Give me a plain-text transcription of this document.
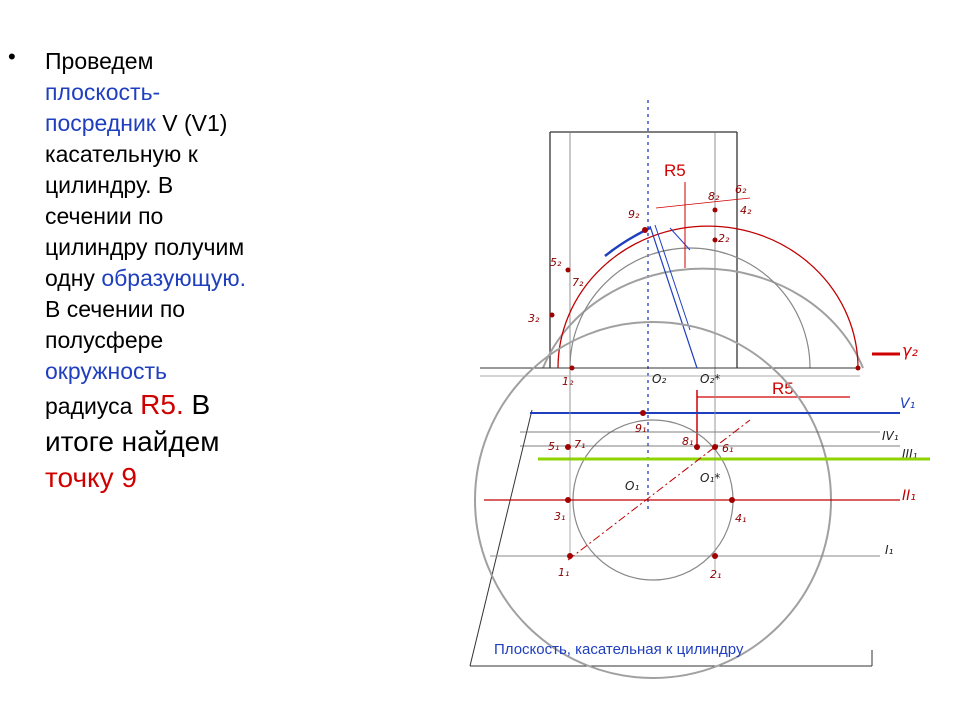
• Проведем
плоскость-
посредник V (V1)
касательную к
цилиндру. В
сечении по
цилиндру получим
одну образующую.
В сечении по
полусфере
окружность
радиуса R5. В
итоге найдем
точку 9
R5
6₂
8₂
4₂
9₂
2₂
5₂
7₂
3₂
1₂	O₂	O₂*
γ₂
R5
V₁
IV₁
III₁
II₁
I₁
9₁
8₁
6₁
5₁ 7₁
O₁
O₁*
3₁	4₁
1₁	2₁
Плоскость, касательная к цилиндру
